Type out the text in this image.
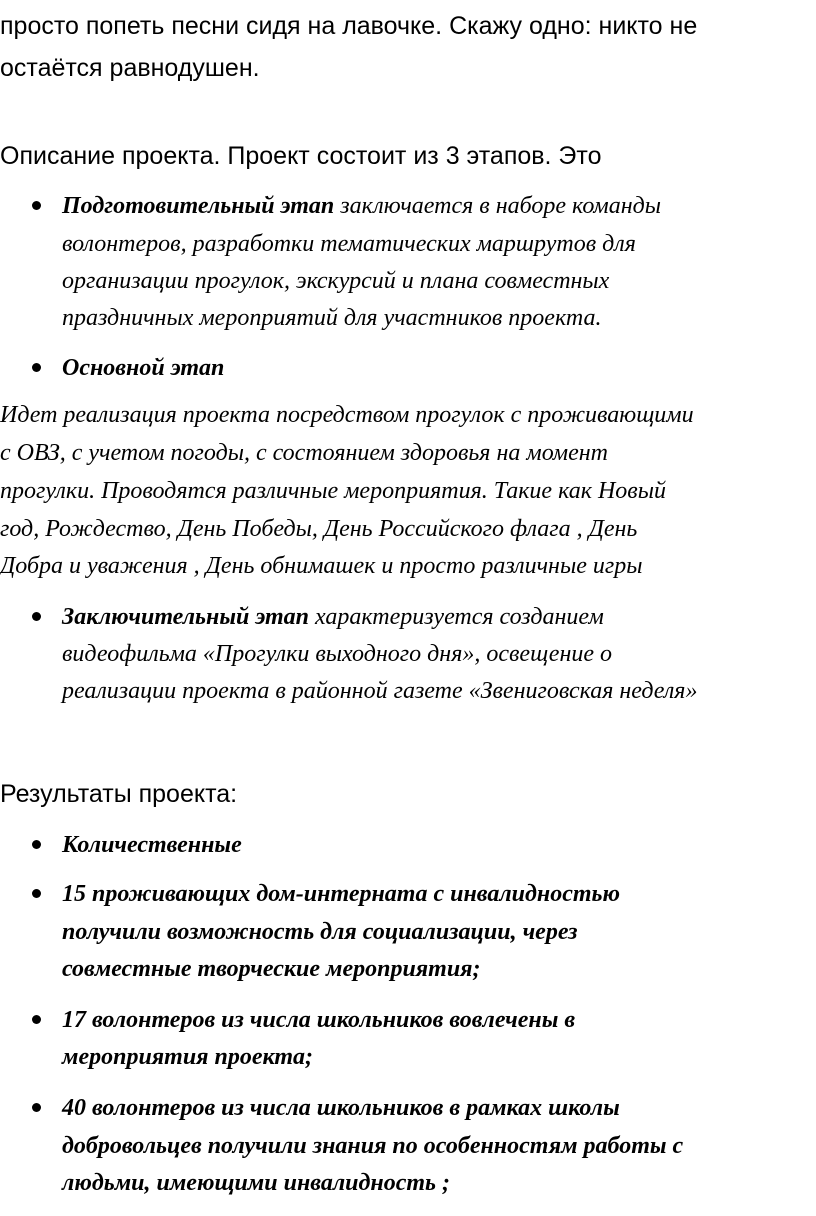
просто попеть песни сидя на лавочке. Скажу одно: никто не

остаётся равнодушен.

Описание проекта. Проект состоит из 3 этапов. Это

Подготовительный этап заключается в наборе команды

волонтеров, разработки тематических маршрутов для

организации прогулок, экскурсий и плана совместных

праздничных мероприятий для участников проекта.

Основной этап

Идет реализация проекта посредством прогулок с проживающими

с ОВЗ, с учетом погоды, с состоянием здоровья на момент

прогулки. Проводятся различные мероприятия. Такие как Новый

год, Рождество, День Победы, День Российского флага , День

Добра и уважения , День обнимашек и просто различные игры

Заключительный этап характеризуется созданием

видеофильма «Прогулки выходного дня», освещение о

реализации проекта в районной газете «Звениговская неделя»

Результаты проекта:

Количественные

15 проживающих дом-интерната с инвалидностью

получили возможность для социализации, через

совместные творческие мероприятия;

17 волонтеров из числа школьников вовлечены в

мероприятия проекта;

40 волонтеров из числа школьников в рамках школы

добровольцев получили знания по особенностям работы с

людьми, имеющими инвалидность ;
